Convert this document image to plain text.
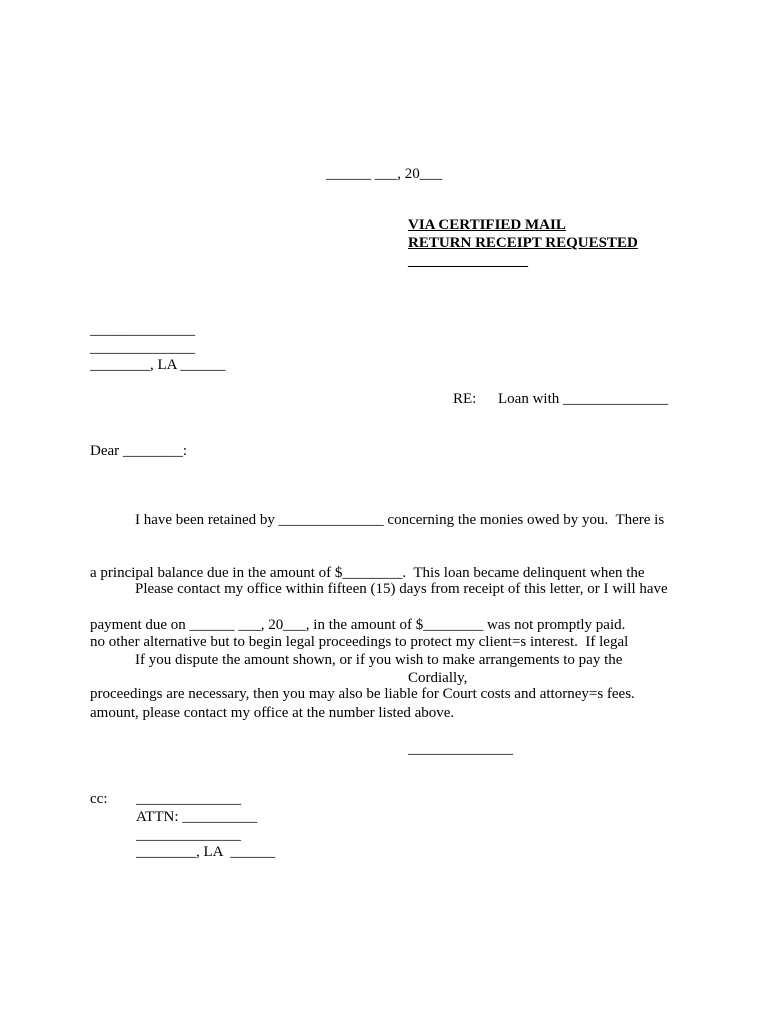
______ ___, 20___
VIA CERTIFIED MAIL
RETURN RECEIPT REQUESTED
________________
______________
______________
________, LA ______
RE: Loan with ______________
Dear ________:

I have been retained by ______________ concerning the monies owed by you.  There is

a principal balance due in the amount of $________.  This loan became delinquent when the

payment due on ______ ___, 20___, in the amount of $________ was not promptly paid.

Please contact my office within fifteen (15) days from receipt of this letter, or I will have

no other alternative but to begin legal proceedings to protect my client=s interest.  If legal

proceedings are necessary, then you may also be liable for Court costs and attorney=s fees.

If you dispute the amount shown, or if you wish to make arrangements to pay the

amount, please contact my office at the number listed above.

Cordially,
______________
cc: ______________
ATTN: __________
______________
________, LA  ______
